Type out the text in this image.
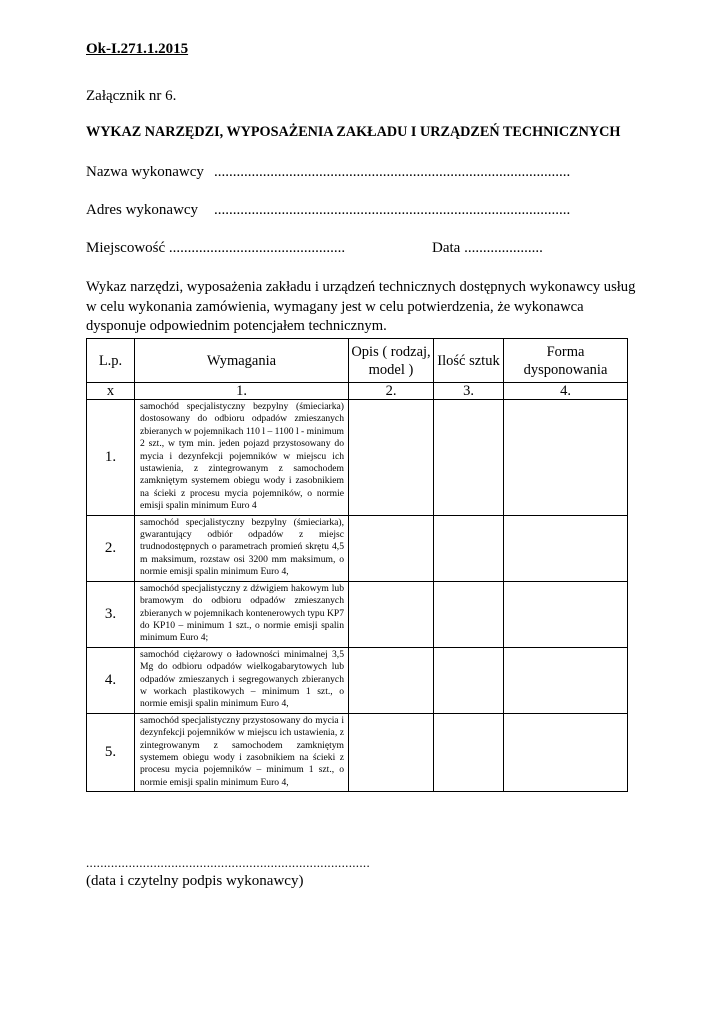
Ok-I.271.1.2015
Załącznik nr 6.
WYKAZ NARZĘDZI, WYPOSAŻENIA ZAKŁADU I URZĄDZEŃ TECHNICZNYCH
Nazwa wykonawcy ...............................................................................................
Adres wykonawcy ...............................................................................................
Miejscowość ...............................................	Data .....................
Wykaz narzędzi, wyposażenia zakładu i urządzeń technicznych dostępnych wykonawcy usług w celu wykonania zamówienia, wymagany jest w celu potwierdzenia, że wykonawca dysponuje odpowiednim potencjałem technicznym.
L.p.	Wymagania	Opis ( rodzaj, model )	Ilość sztuk	Forma dysponowania
x	1.	2.	3.	4.
1.	samochód specjalistyczny bezpylny (śmieciarka) dostosowany do odbioru odpadów zmieszanych zbieranych w pojemnikach 110 l – 1100 l - minimum 2 szt., w tym min. jeden pojazd przystosowany do mycia i dezynfekcji pojemników w miejscu ich ustawienia, z zintegrowanym z samochodem zamkniętym systemem obiegu wody i zasobnikiem na ścieki z procesu mycia pojemników, o normie emisji spalin minimum Euro 4			
2.	samochód specjalistyczny bezpylny (śmieciarka), gwarantujący odbiór odpadów z miejsc trudnodostępnych o parametrach promień skrętu 4,5 m maksimum, rozstaw osi 3200 mm maksimum, o normie emisji spalin minimum Euro 4,			
3.	samochód specjalistyczny z dźwigiem hakowym lub bramowym do odbioru odpadów zmieszanych zbieranych w pojemnikach kontenerowych typu KP7 do KP10 – minimum 1 szt., o normie emisji spalin minimum Euro 4;			
4.	samochód ciężarowy o ładowności minimalnej 3,5 Mg do odbioru odpadów wielkogabarytowych lub odpadów zmieszanych i segregowanych zbieranych w workach plastikowych – minimum 1 szt., o normie emisji spalin minimum Euro 4,			
5.	samochód specjalistyczny przystosowany do mycia i dezynfekcji pojemników w miejscu ich ustawienia, z zintegrowanym z samochodem zamkniętym systemem obiegu wody i zasobnikiem na ścieki z procesu mycia pojemników – minimum 1 szt., o normie emisji spalin minimum Euro 4,			
................................................................................
(data i czytelny podpis wykonawcy)
